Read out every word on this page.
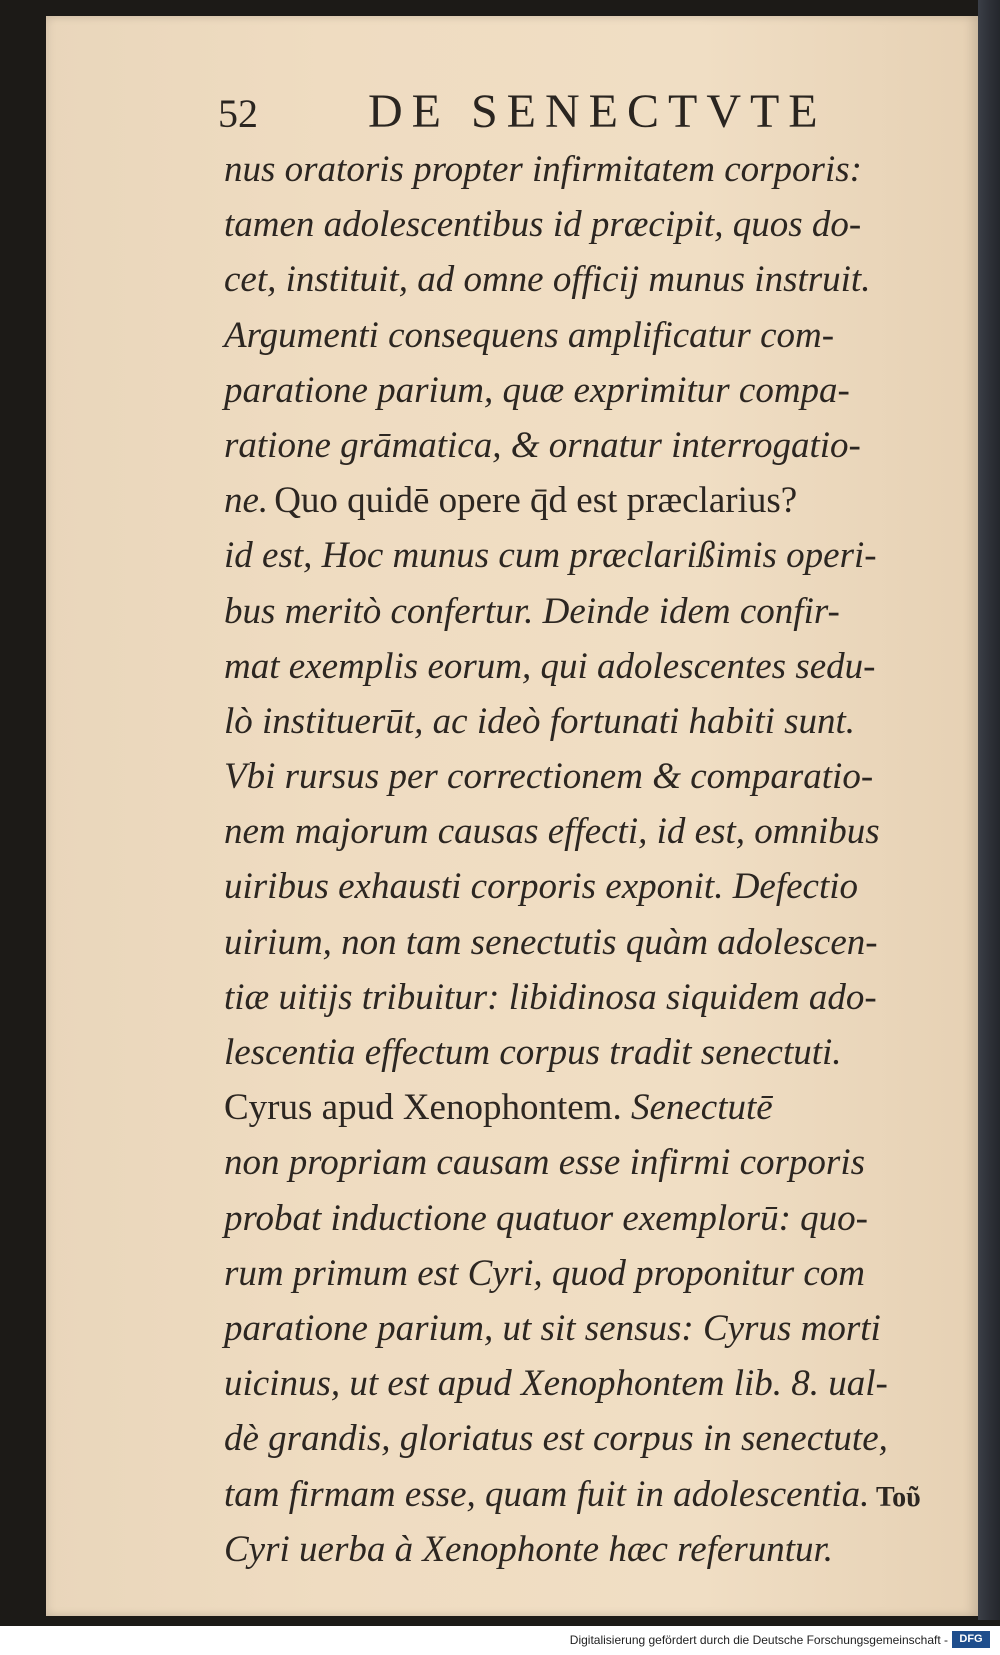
52 DE SENECTVTE
nus oratoris propter infirmitatem corporis:
tamen adolescentibus id præcipit, quos do-
cet, instituit, ad omne officij munus instruit.
Argumenti consequens amplificatur com-
paratione parium, quæ exprimitur compa-
ratione grāmatica, & ornatur interrogatio-
ne. Quo quidē opere q̄d est præclarius?
id est, Hoc munus cum præclarißimis operi-
bus meritò confertur. Deinde idem confir-
mat exemplis eorum, qui adolescentes sedu-
lò instituerūt, ac ideò fortunati habiti sunt.
Vbi rursus per correctionem & comparatio-
nem majorum causas effecti, id est, omnibus
uiribus exhausti corporis exponit. Defectio
uirium, non tam senectutis quàm adolescen-
tiæ uitijs tribuitur: libidinosa siquidem ado-
lescentia effectum corpus tradit senectuti.
Cyrus apud Xenophontem. Senectutē
non propriam causam esse infirmi corporis
probat inductione quatuor exemplorū: quo-
rum primum est Cyri, quod proponitur com
paratione parium, ut sit sensus: Cyrus morti
uicinus, ut est apud Xenophontem lib. 8. ual-
dè grandis, gloriatus est corpus in senectute,
tam firmam esse, quam fuit in adolescentia.
Cyri uerba à Xenophonte hæc referuntur.
Τοῦ
Digitalisierung gefördert durch die Deutsche Forschungsgemeinschaft -	DFG
